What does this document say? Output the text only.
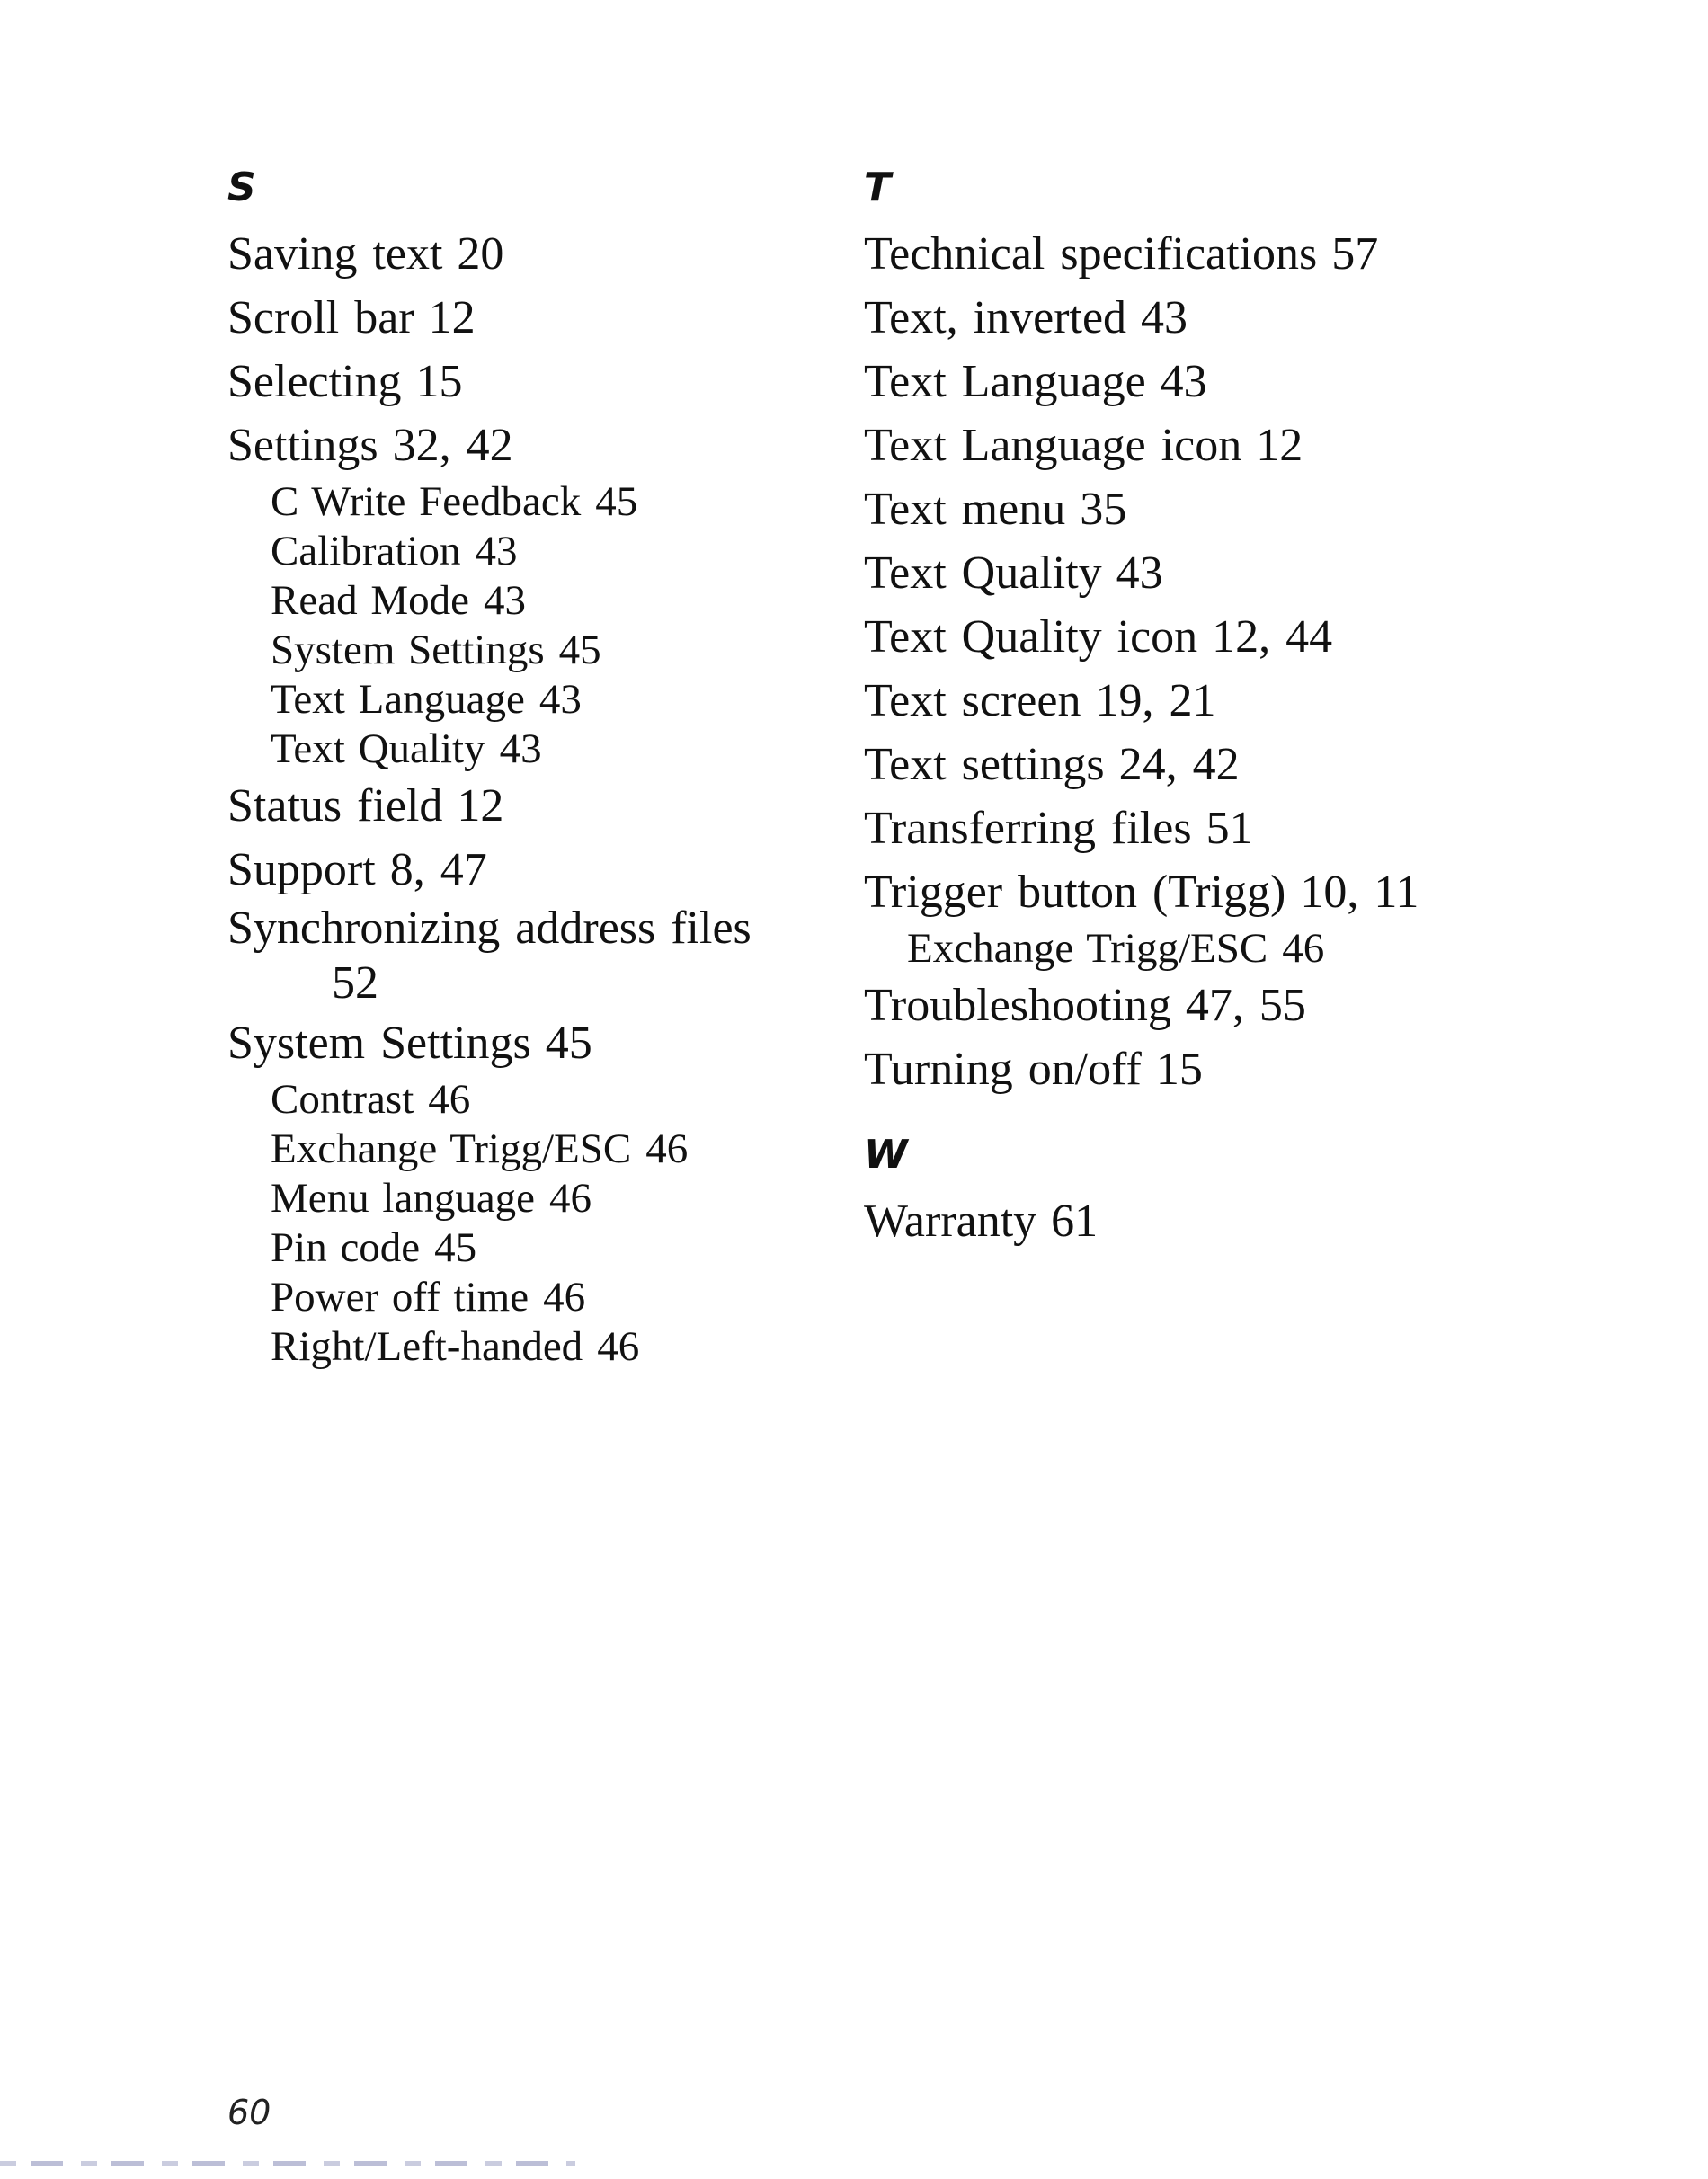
S
Saving text 20
Scroll bar 12
Selecting 15
Settings 32, 42
C Write Feedback 45
Calibration 43
Read Mode 43
System Settings 45
Text Language 43
Text Quality 43
Status field 12
Support 8, 47
Synchronizing address files
52
System Settings 45
Contrast 46
Exchange Trigg/ESC 46
Menu language 46
Pin code 45
Power off time 46
Right/Left-handed 46
T
Technical specifications 57
Text, inverted 43
Text Language 43
Text Language icon 12
Text menu 35
Text Quality 43
Text Quality icon 12, 44
Text screen 19, 21
Text settings 24, 42
Transferring files 51
Trigger button (Trigg) 10, 11
Exchange Trigg/ESC 46
Troubleshooting 47, 55
Turning on/off 15
W
Warranty 61
60
